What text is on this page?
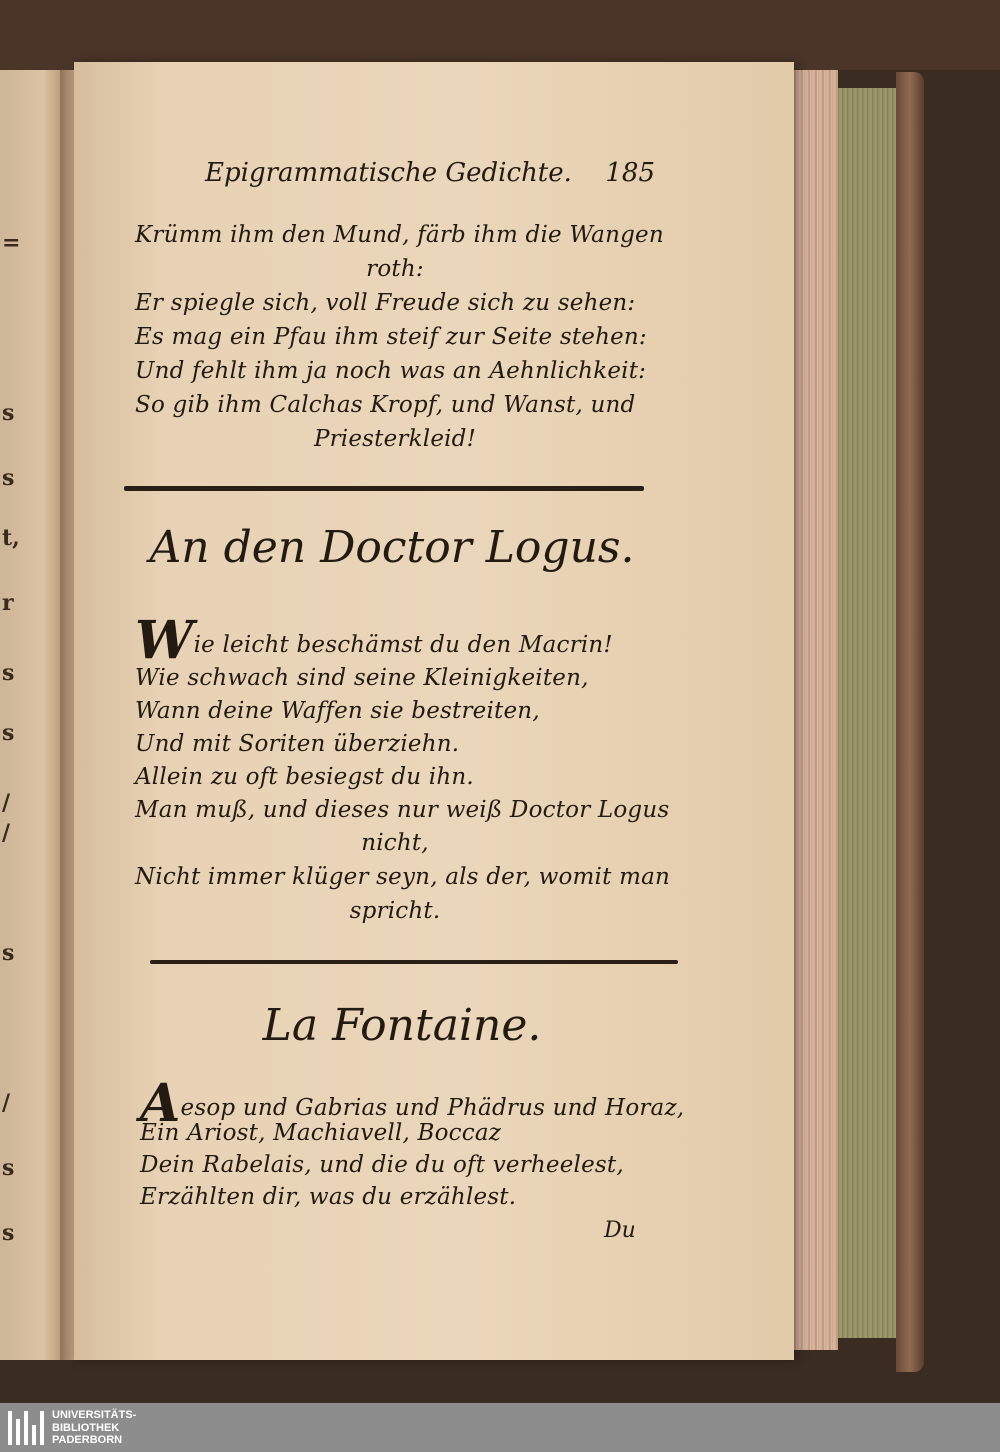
=
s
s
t,
r
s
s
/
/
s
/
s
s
Epigrammatische Gedichte. 185
Krümm ihm den Mund, färb ihm die Wangen
roth:
Er spiegle sich, voll Freude sich zu sehen:
Es mag ein Pfau ihm steif zur Seite stehen:
Und fehlt ihm ja noch was an Aehnlichkeit:
So gib ihm Calchas Kropf, und Wanst, und
Priesterkleid!
An den Doctor Logus.
Wie leicht beschämst du den Macrin!
Wie schwach sind seine Kleinigkeiten,
Wann deine Waffen sie bestreiten,
Und mit Soriten überziehn.
Allein zu oft besiegst du ihn.
Man muß, und dieses nur weiß Doctor Logus
nicht,
Nicht immer klüger seyn, als der, womit man
spricht.
La Fontaine.
Aesop und Gabrias und Phädrus und Horaz,
Ein Ariost, Machiavell, Boccaz
Dein Rabelais, und die du oft verheelest,
Erzählten dir, was du erzählest.
Du
UNIVERSITÄTS-
BIBLIOTHEK
PADERBORN
